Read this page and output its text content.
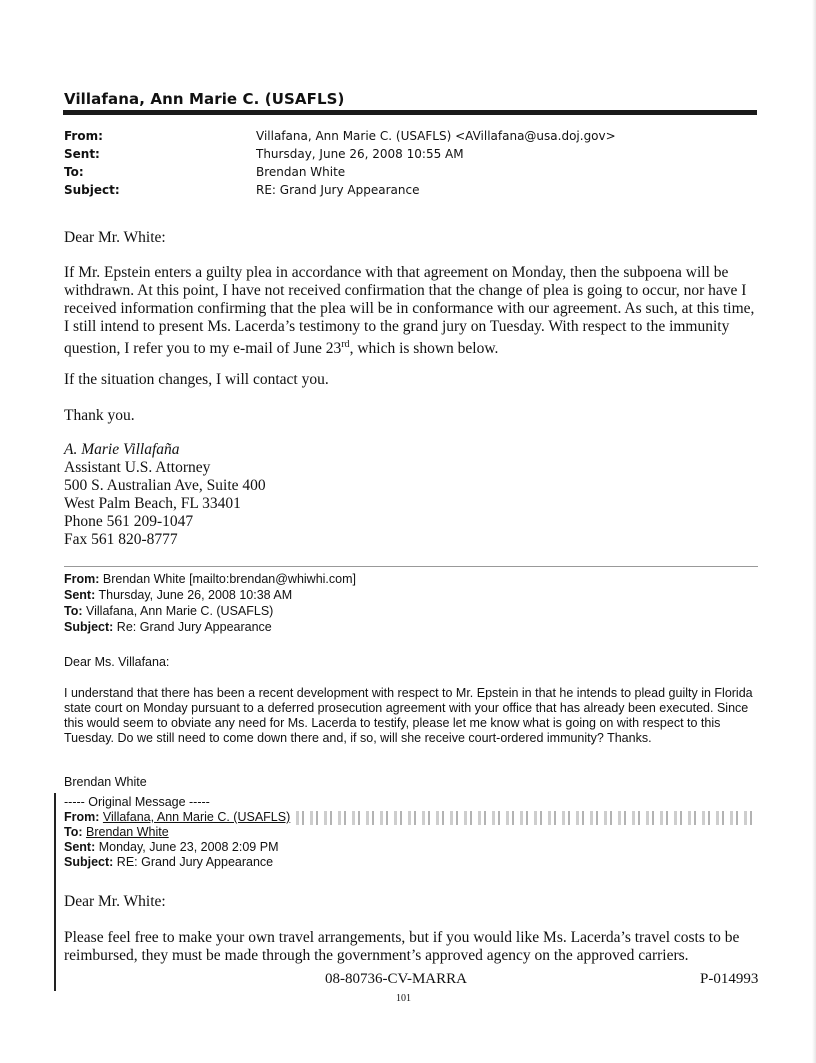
Villafana, Ann Marie C. (USAFLS)
From:	Villafana, Ann Marie C. (USAFLS) <AVillafana@usa.doj.gov>
Sent:	Thursday, June 26, 2008 10:55 AM
To:	Brendan White
Subject:	RE: Grand Jury Appearance
Dear Mr. White:

If Mr. Epstein enters a guilty plea in accordance with that agreement on Monday, then the subpoena will be withdrawn. At this point, I have not received confirmation that the change of plea is going to occur, nor have I received information confirming that the plea will be in conformance with our agreement. As such, at this time, I still intend to present Ms. Lacerda’s testimony to the grand jury on Tuesday. With respect to the immunity question, I refer you to my e-mail of June 23rd, which is shown below.

If the situation changes, I will contact you.
Thank you.
A. Marie Villafaña
Assistant U.S. Attorney
500 S. Australian Ave, Suite 400
West Palm Beach, FL 33401
Phone 561 209-1047
Fax 561 820-8777
From: Brendan White [mailto:brendan@whiwhi.com]
Sent: Thursday, June 26, 2008 10:38 AM
To: Villafana, Ann Marie C. (USAFLS)
Subject: Re: Grand Jury Appearance
Dear Ms. Villafana:

I understand that there has been a recent development with respect to Mr. Epstein in that he intends to plead guilty in Florida state court on Monday pursuant to a deferred prosecution agreement with your office that has already been executed. Since this would seem to obviate any need for Ms. Lacerda to testify, please let me know what is going on with respect to this Tuesday. Do we still need to come down there and, if so, will she receive court-ordered immunity? Thanks.

Brendan White
----- Original Message -----
From: Villafana, Ann Marie C. (USAFLS)
To: Brendan White
Sent: Monday, June 23, 2008 2:09 PM
Subject: RE: Grand Jury Appearance
Dear Mr. White:

Please feel free to make your own travel arrangements, but if you would like Ms. Lacerda’s travel costs to be reimbursed, they must be made through the government’s approved agency on the approved carriers.

08-80736-CV-MARRA	P-014993
101
